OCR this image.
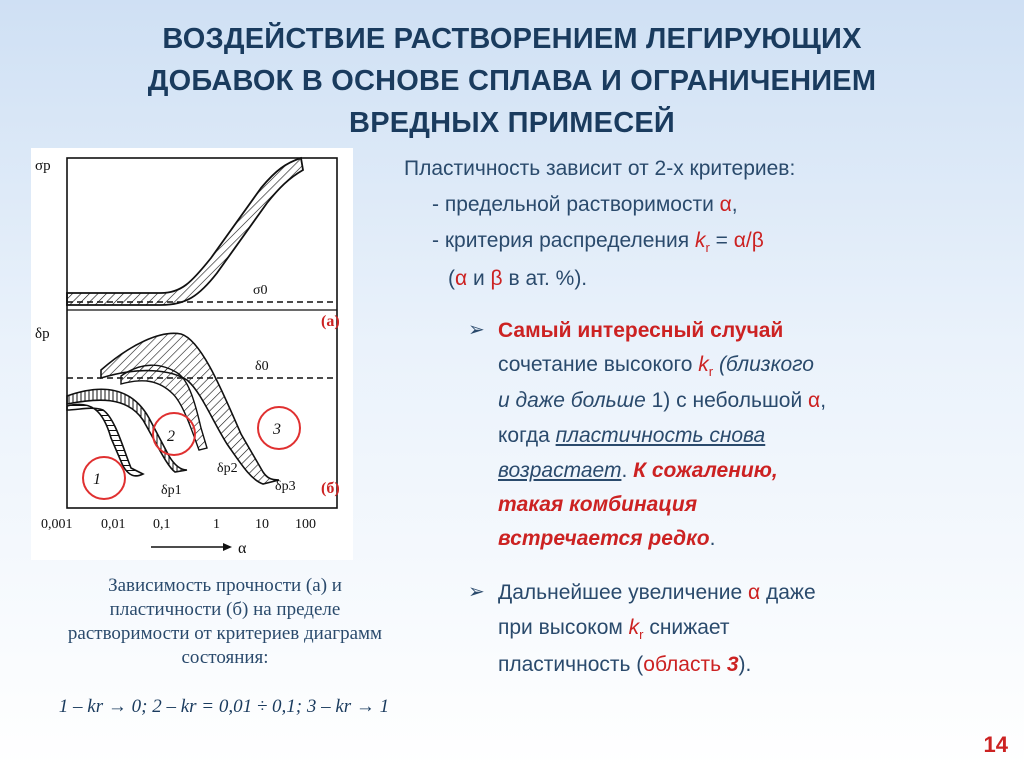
ВОЗДЕЙСТВИЕ РАСТВОРЕНИЕМ ЛЕГИРУЮЩИХ
ДОБАВОК В ОСНОВЕ СПЛАВА И ОГРАНИЧЕНИЕМ
ВРЕДНЫХ ПРИМЕСЕЙ
σр
δр
σ0
δ0
1
2	3
δр1
δр2
δр3
(а)
(б)
0,001 0,01 0,1	1	10 100
α
Зависимость прочности (а) и
пластичности (б) на пределе
растворимости от критериев диаграмм
состояния:
1 – kr → 0; 2 – kr = 0,01 ÷ 0,1; 3 – kr → 1
Пластичность зависит от 2-х критериев:
- предельной растворимости α,
- критерия распределения $k_r = \alpha/\beta$
(α и β в ат. %).
➢ Самый интересный случай
сочетание высокого $k_r$ (близкого
и даже больше 1) с небольшой α,
когда пластичность снова
возрастает. К сожалению,
такая комбинация
встречается редко.
➢ Дальнейшее увеличение α даже
при высоком $k_r$ снижает
пластичность (область 3).
14
